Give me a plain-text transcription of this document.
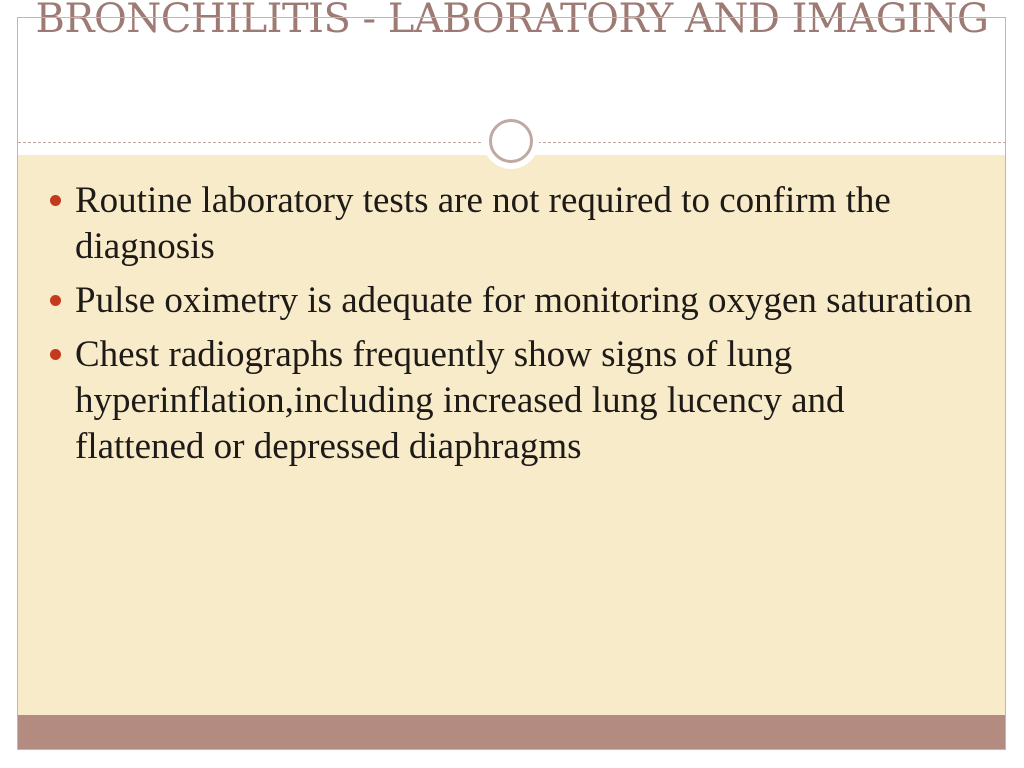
BRONCHILITIS - LABORATORY AND IMAGING
Routine laboratory tests are not required to confirm the diagnosis
Pulse oximetry is adequate for monitoring oxygen saturation
Chest radiographs frequently show signs of lung hyperinflation,including increased lung lucency and flattened or depressed diaphragms
